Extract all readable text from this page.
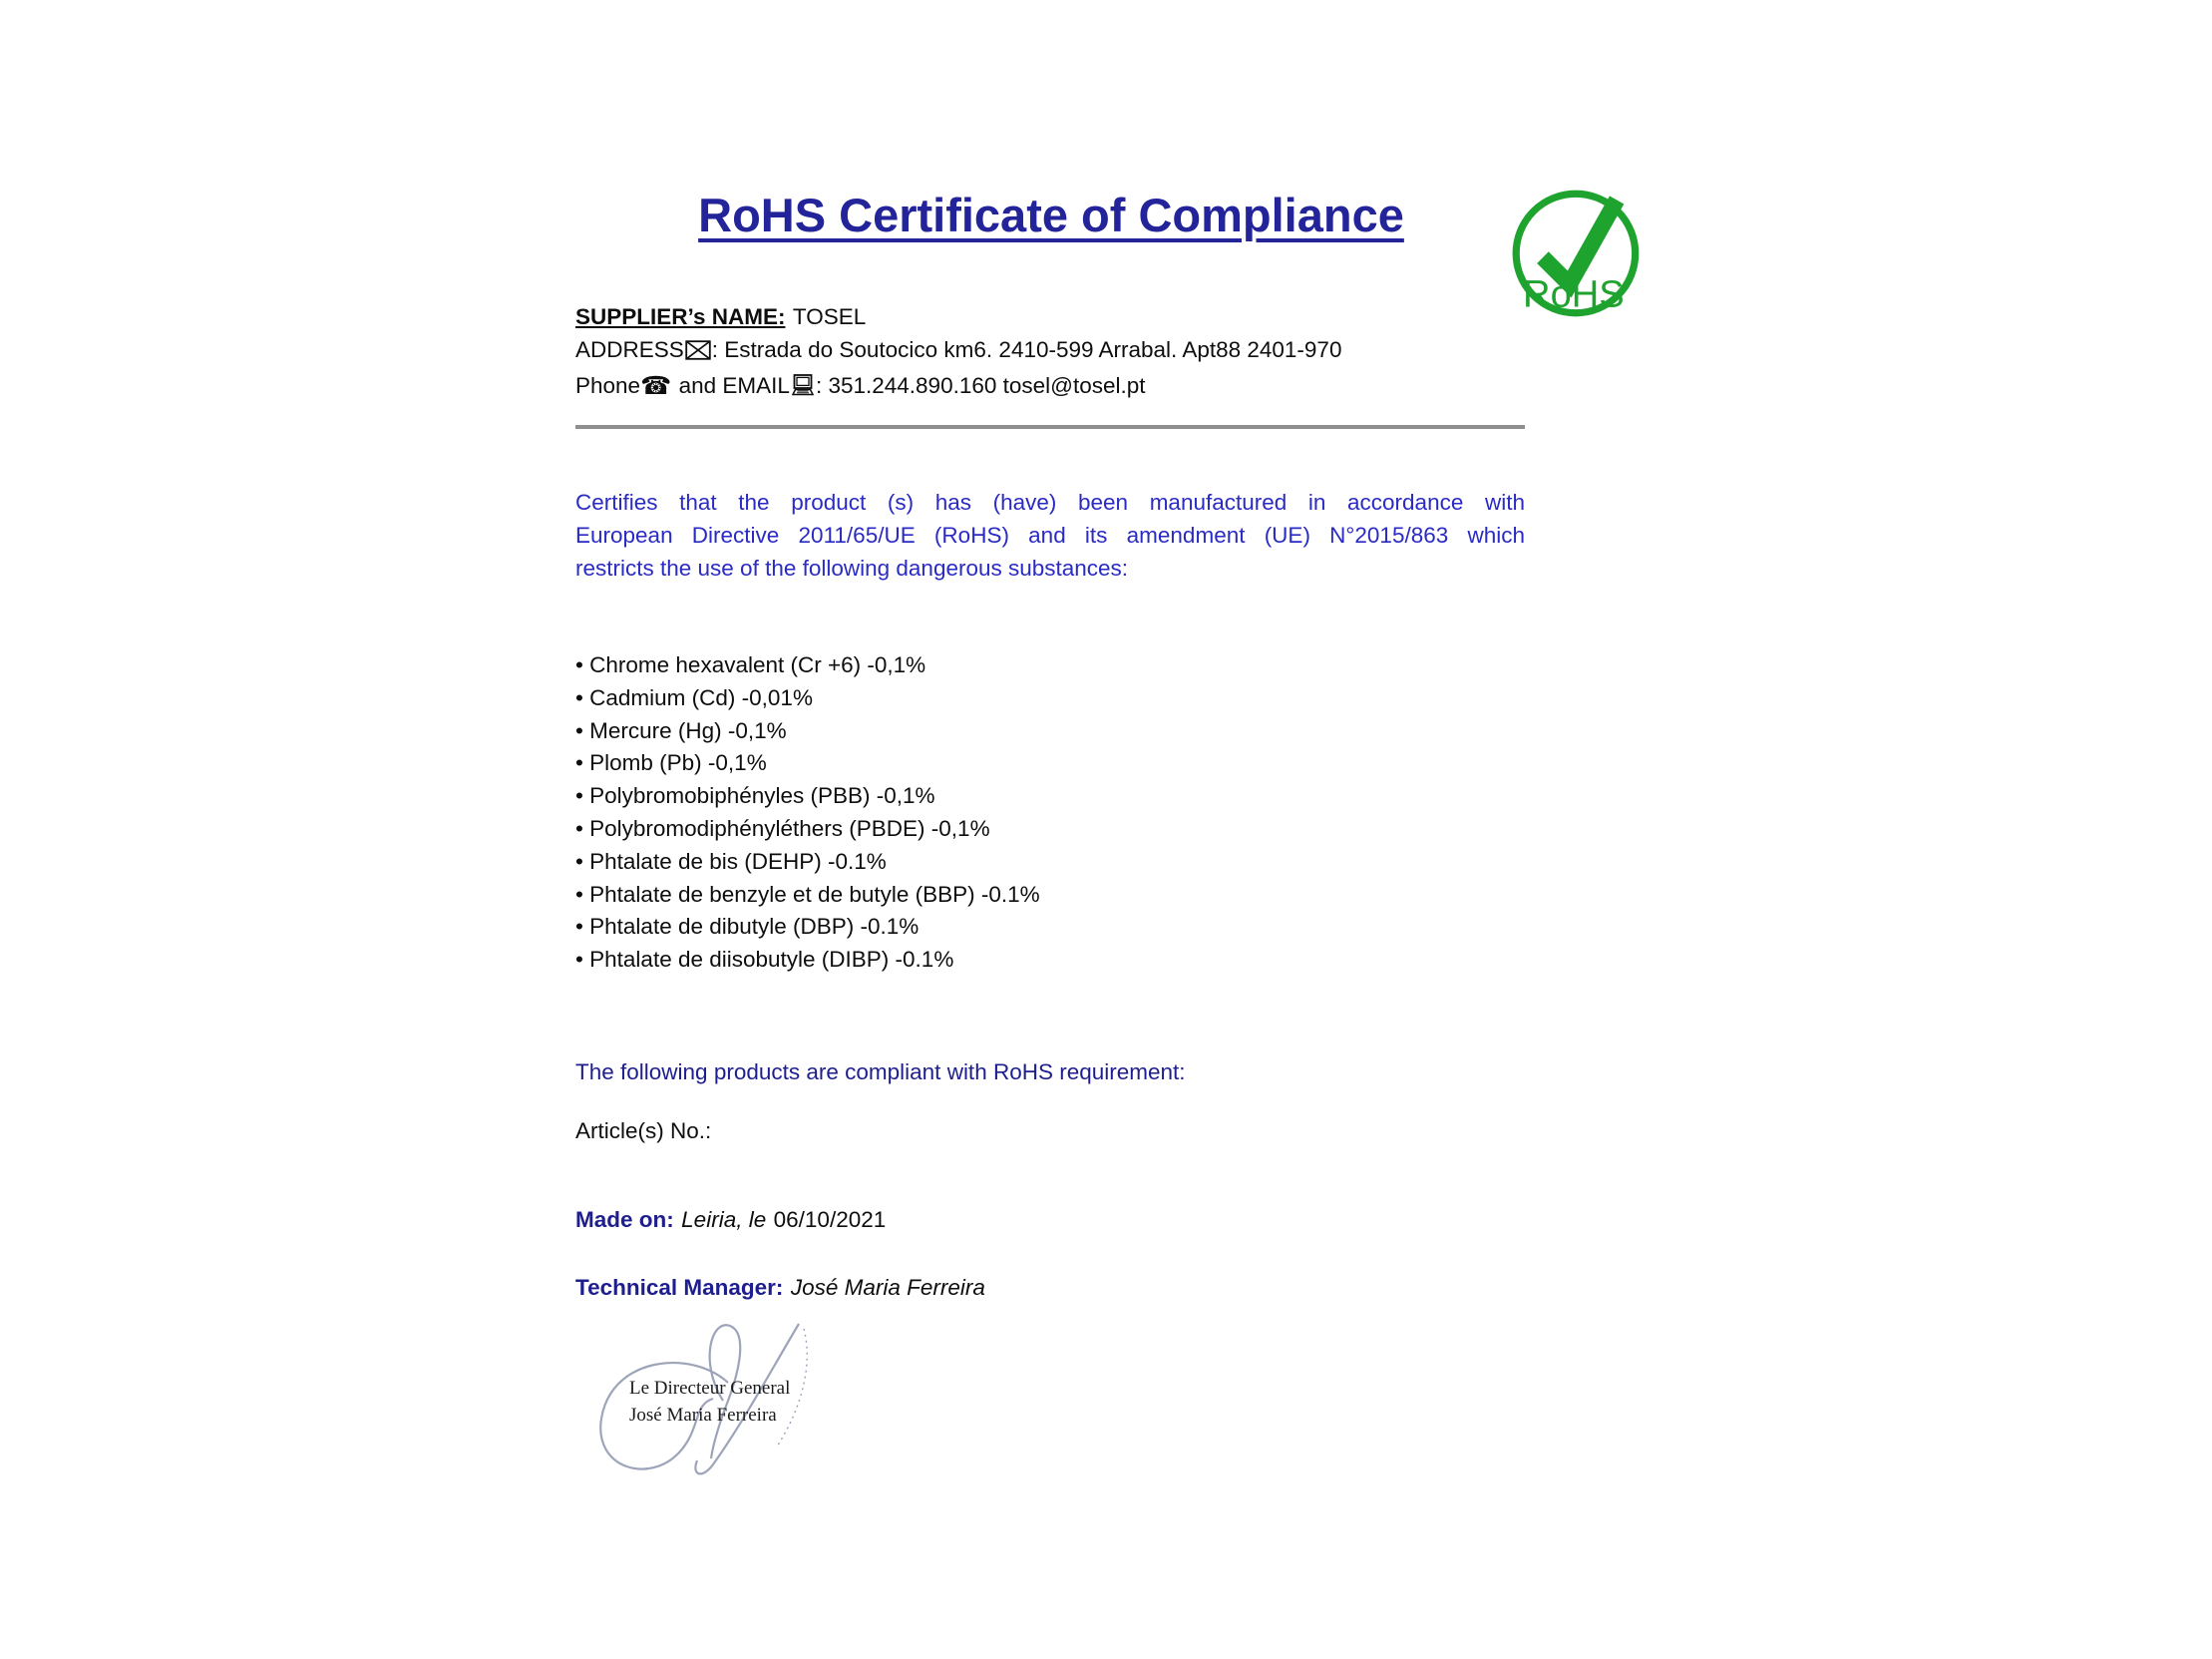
RoHS Certificate of Compliance
RoHS
SUPPLIER’s NAME: TOSEL
ADDRESS : Estrada do Soutocico km6. 2410-599 Arrabal. Apt88 2401-970
Phone☎ and EMAIL : 351.244.890.160 tosel@tosel.pt
Certifies that the product (s) has (have) been manufactured in accordance with
European Directive 2011/65/UE (RoHS) and its amendment (UE) N°2015/863 which
restricts the use of the following dangerous substances:
• Chrome hexavalent (Cr +6) -0,1%
• Cadmium (Cd) -0,01%
• Mercure (Hg) -0,1%
• Plomb (Pb) -0,1%
• Polybromobiphényles (PBB) -0,1%
• Polybromodiphényléthers (PBDE) -0,1%
• Phtalate de bis (DEHP) -0.1%
• Phtalate de benzyle et de butyle (BBP) -0.1%
• Phtalate de dibutyle (DBP) -0.1%
• Phtalate de diisobutyle (DIBP) -0.1%

The following products are compliant with RoHS requirement:

Article(s) No.:

Made on: Leiria, le 06/10/2021

Technical Manager: José Maria Ferreira

Le Directeur General
José Maria Ferreira
